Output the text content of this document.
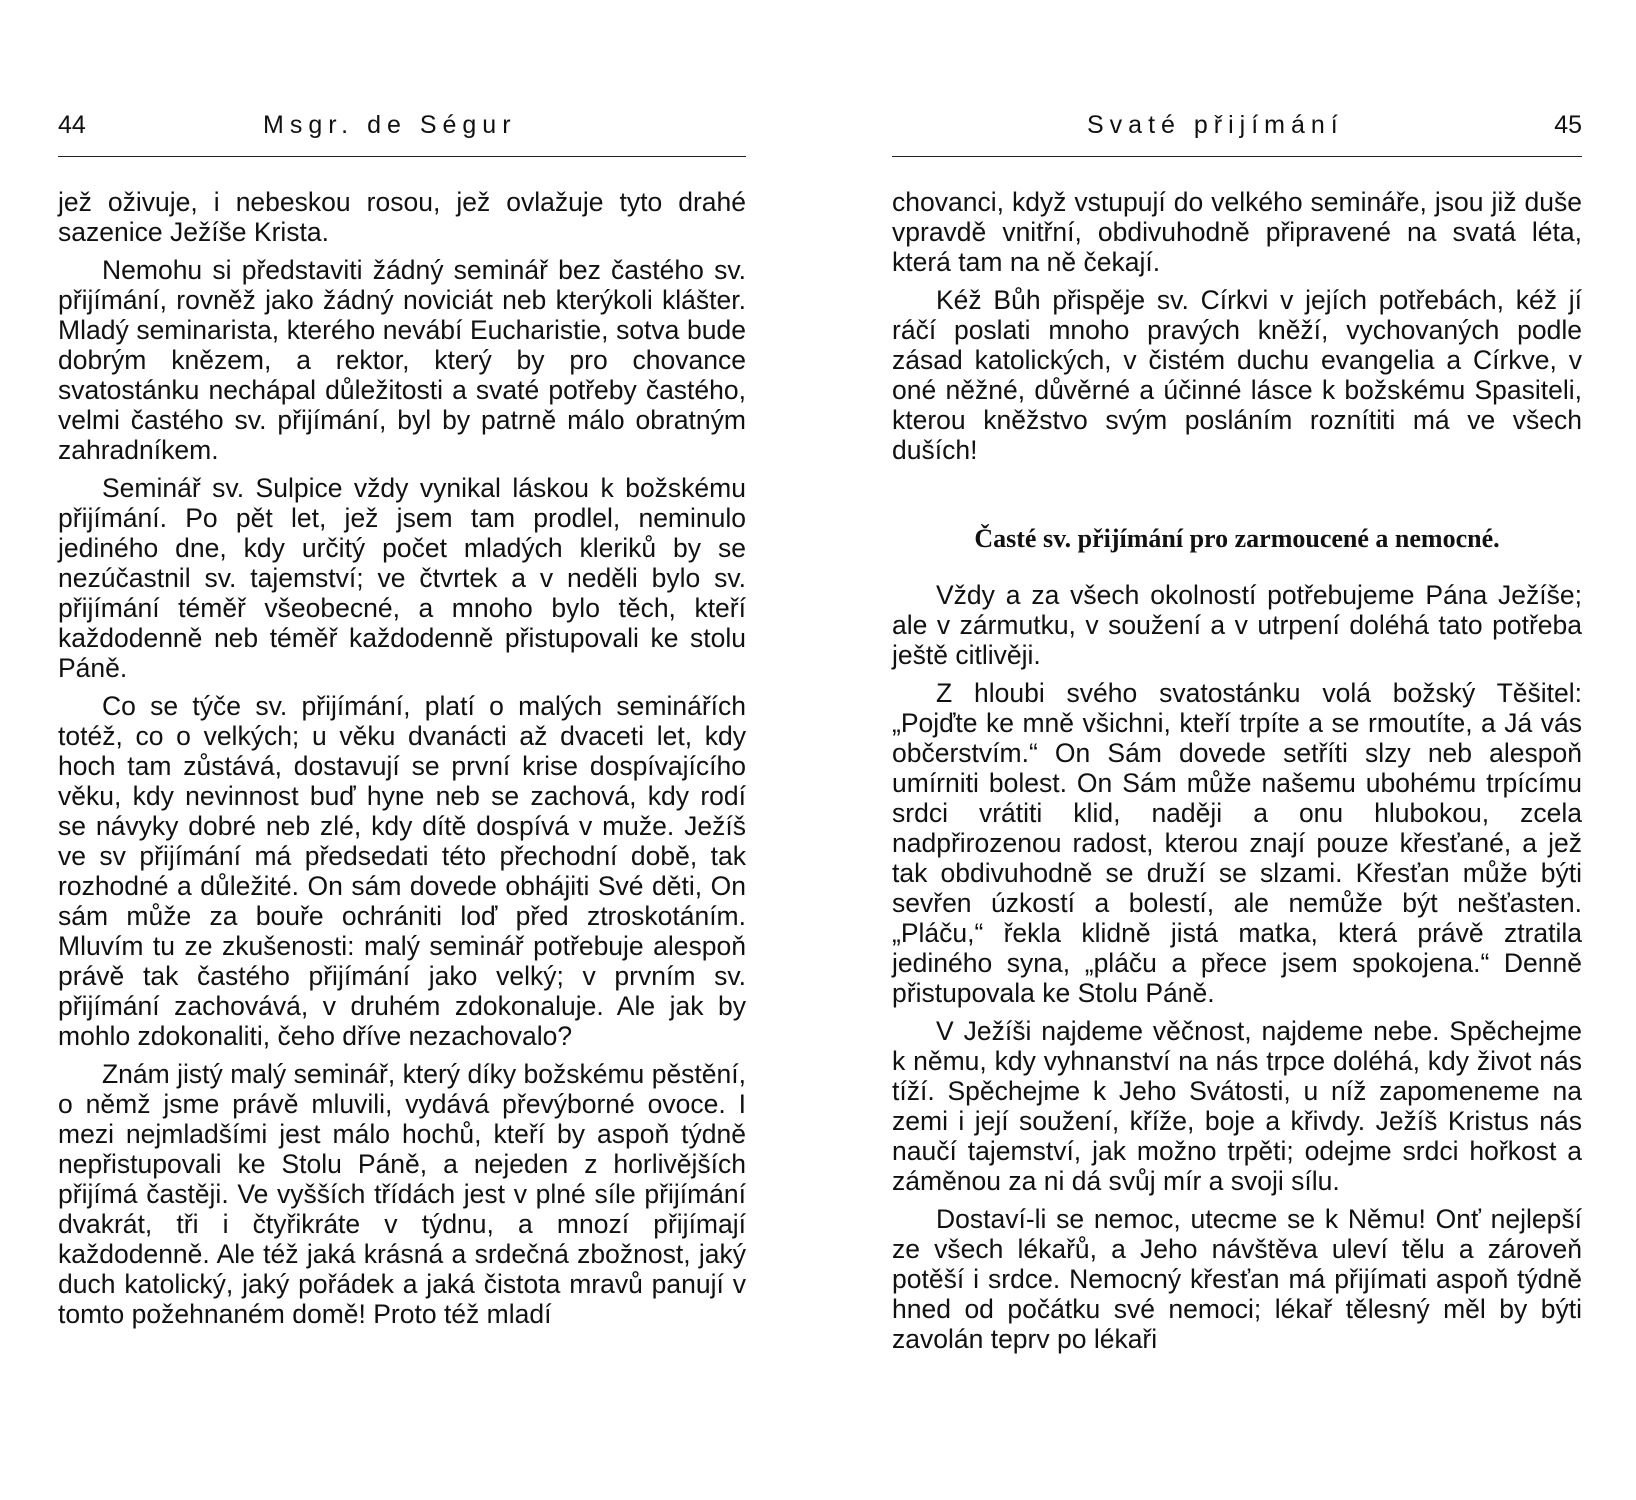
44	Msgr. de Ségur

jež oživuje, i nebeskou rosou, jež ovlažuje tyto drahé sazenice Ježíše Krista.

Nemohu si představiti žádný seminář bez častého sv. přijímání, rovněž jako žádný noviciát neb kterýkoli klášter. Mladý seminarista, kterého nevábí Eucharistie, sotva bude dobrým knězem, a rektor, který by pro chovance svatostánku nechápal důležitosti a svaté potřeby častého, velmi častého sv. přijímání, byl by patrně málo obratným zahradníkem.

Seminář sv. Sulpice vždy vynikal láskou k božskému přijímání. Po pět let, jež jsem tam prodlel, neminulo jediného dne, kdy určitý počet mladých kleriků by se nezúčastnil sv. tajemství; ve čtvrtek a v neděli bylo sv. přijímání téměř všeobecné, a mnoho bylo těch, kteří každodenně neb téměř každodenně přistupovali ke stolu Páně.

Co se týče sv. přijímání, platí o malých seminářích totéž, co o velkých; u věku dvanácti až dvaceti let, kdy hoch tam zůstává, dostavují se první krise dospívajícího věku, kdy nevinnost buď hyne neb se zachová, kdy rodí se návyky dobré neb zlé, kdy dítě dospívá v muže. Ježíš ve sv přijímání má předsedati této přechodní době, tak rozhodné a důležité. On sám dovede obhájiti Své děti, On sám může za bouře ochrániti loď před ztroskotáním. Mluvím tu ze zkušenosti: malý seminář potřebuje alespoň právě tak častého přijímání jako velký; v prvním sv. přijímání zachovává, v druhém zdokonaluje. Ale jak by mohlo zdokonaliti, čeho dříve nezachovalo?

Znám jistý malý seminář, který díky božskému pěstění, o němž jsme právě mluvili, vydává převýborné ovoce. I mezi nejmladšími jest málo hochů, kteří by aspoň týdně nepřistupovali ke Stolu Páně, a nejeden z horlivějších přijímá častěji. Ve vyšších třídách jest v plné síle přijímání dvakrát, tři i čtyřikráte v týdnu, a mnozí přijímají každodenně. Ale též jaká krásná a srdečná zbožnost, jaký duch katolický, jaký pořádek a jaká čistota mravů panují v tomto požehnaném domě! Proto též mladí

Svaté přijímání	45

chovanci, když vstupují do velkého semináře, jsou již duše vpravdě vnitřní, obdivuhodně připravené na svatá léta, která tam na ně čekají.

Kéž Bůh přispěje sv. Církvi v jejích potřebách, kéž jí ráčí poslati mnoho pravých kněží, vychovaných podle zásad katolických, v čistém duchu evangelia a Církve, v oné něžné, důvěrné a účinné lásce k božskému Spasiteli, kterou kněžstvo svým posláním roznítiti má ve všech duších!

Časté sv. přijímání pro zarmoucené a nemocné.

Vždy a za všech okolností potřebujeme Pána Ježíše; ale v zármutku, v soužení a v utrpení doléhá tato potřeba ještě citlivěji.

Z hloubi svého svatostánku volá božský Těšitel: „Pojďte ke mně všichni, kteří trpíte a se rmoutíte, a Já vás občerstvím.“ On Sám dovede setříti slzy neb alespoň umírniti bolest. On Sám může našemu ubohému trpícímu srdci vrátiti klid, naději a onu hlubokou, zcela nadpřirozenou radost, kterou znají pouze křesťané, a jež tak obdivuhodně se druží se slzami. Křesťan může býti sevřen úzkostí a bolestí, ale nemůže být nešťasten. „Pláču,“ řekla klidně jistá matka, která právě ztratila jediného syna, „pláču a přece jsem spokojena.“ Denně přistupovala ke Stolu Páně.

V Ježíši najdeme věčnost, najdeme nebe. Spěchejme k němu, kdy vyhnanství na nás trpce doléhá, kdy život nás tíží. Spěchejme k Jeho Svátosti, u níž zapomeneme na zemi i její soužení, kříže, boje a křivdy. Ježíš Kristus nás naučí tajemství, jak možno trpěti; odejme srdci hořkost a záměnou za ni dá svůj mír a svoji sílu.

Dostaví-li se nemoc, utecme se k Němu! Onť nejlepší ze všech lékařů, a Jeho návštěva uleví tělu a zároveň potěší i srdce. Nemocný křesťan má přijímati aspoň týdně hned od počátku své nemoci; lékař tělesný měl by býti zavolán teprv po lékaři
